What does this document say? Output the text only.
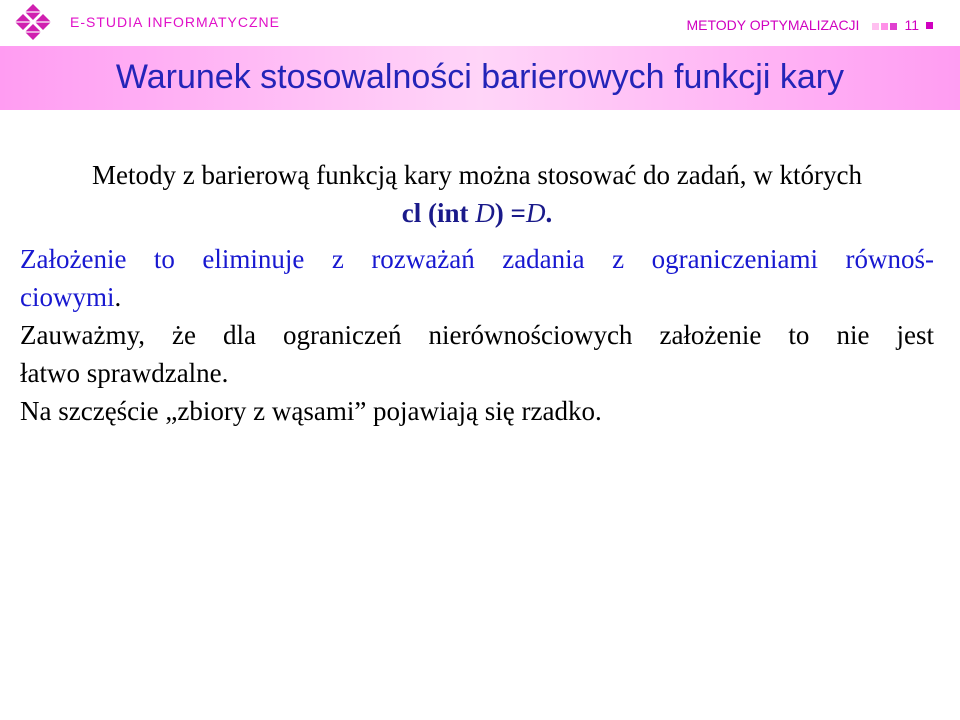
E-STUDIA INFORMATYCZNE	METODY OPTYMALIZACJI	11
Warunek stosowalności barierowych funkcji kary

Metody z barierową funkcją kary można stosować do zadań, w których

cl (int D) =D.

Założenie to eliminuje z rozważań zadania z ograniczeniami równoś-

ciowymi.

Zauważmy, że dla ograniczeń nierównościowych założenie to nie jest

łatwo sprawdzalne.

Na szczęście „zbiory z wąsami” pojawiają się rzadko.
